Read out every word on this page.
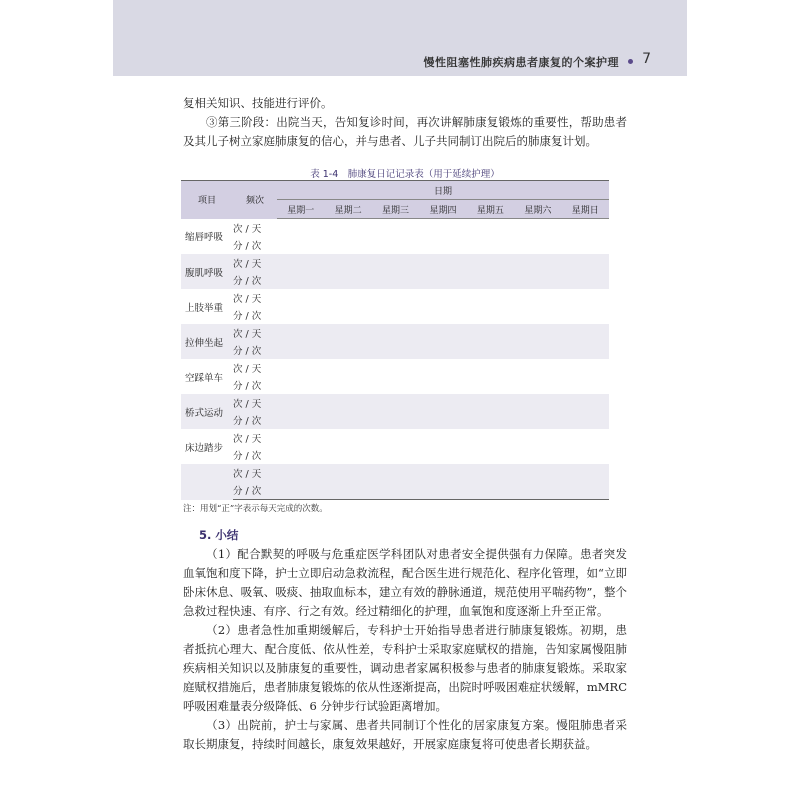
慢性阻塞性肺疾病患者康复的个案护理 7

复相关知识、技能进行评价。

③第三阶段：出院当天，告知复诊时间，再次讲解肺康复锻炼的重要性，帮助患者及其儿子树立家庭肺康复的信心，并与患者、儿子共同制订出院后的肺康复计划。

表 1-4　肺康复日记记录表（用于延续护理）
项目	频次	日期						
		星期一	星期二	星期三	星期四	星期五	星期六	星期日
缩唇呼吸	次 / 天							
	分 / 次							
腹肌呼吸	次 / 天							
	分 / 次							
上肢举重	次 / 天							
	分 / 次							
拉伸坐起	次 / 天							
	分 / 次							
空踩单车	次 / 天							
	分 / 次							
桥式运动	次 / 天							
	分 / 次							
床边踏步	次 / 天							
	分 / 次							
	次 / 天							
	分 / 次							
注：用划“正”字表示每天完成的次数。
5. 小结

（1）配合默契的呼吸与危重症医学科团队对患者安全提供强有力保障。患者突发血氧饱和度下降，护士立即启动急救流程，配合医生进行规范化、程序化管理，如“立即卧床休息、吸氧、吸痰、抽取血标本，建立有效的静脉通道，规范使用平喘药物”，整个急救过程快速、有序、行之有效。经过精细化的护理，血氧饱和度逐渐上升至正常。

（2）患者急性加重期缓解后，专科护士开始指导患者进行肺康复锻炼。初期，患者抵抗心理大、配合度低、依从性差，专科护士采取家庭赋权的措施，告知家属慢阻肺疾病相关知识以及肺康复的重要性，调动患者家属积极参与患者的肺康复锻炼。采取家庭赋权措施后，患者肺康复锻炼的依从性逐渐提高，出院时呼吸困难症状缓解，mMRC 呼吸困难量表分级降低、6 分钟步行试验距离增加。

（3）出院前，护士与家属、患者共同制订个性化的居家康复方案。慢阻肺患者采取长期康复，持续时间越长，康复效果越好，开展家庭康复将可使患者长期获益。
